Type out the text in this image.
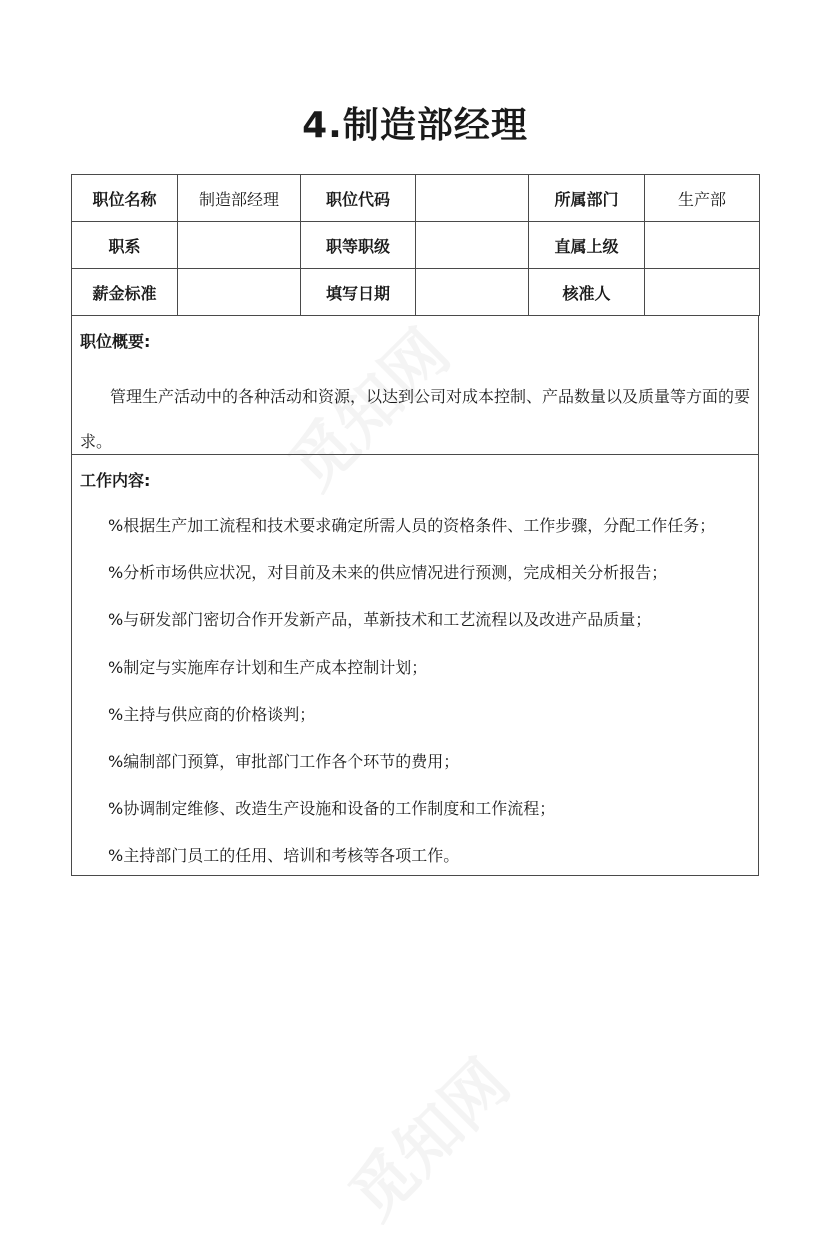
4.制造部经理
职位名称	制造部经理	职位代码		所属部门	生产部
职系		职等职级		直属上级	
薪金标准		填写日期		核准人	
职位概要:
管理生产活动中的各种活动和资源，以达到公司对成本控制、产品数量以及质量等方面的要求。
工作内容:
%根据生产加工流程和技术要求确定所需人员的资格条件、工作步骤，分配工作任务；
%分析市场供应状况，对目前及未来的供应情况进行预测，完成相关分析报告；
%与研发部门密切合作开发新产品，革新技术和工艺流程以及改进产品质量；
%制定与实施库存计划和生产成本控制计划；
%主持与供应商的价格谈判；
%编制部门预算，审批部门工作各个环节的费用；
%协调制定维修、改造生产设施和设备的工作制度和工作流程；
%主持部门员工的任用、培训和考核等各项工作。
